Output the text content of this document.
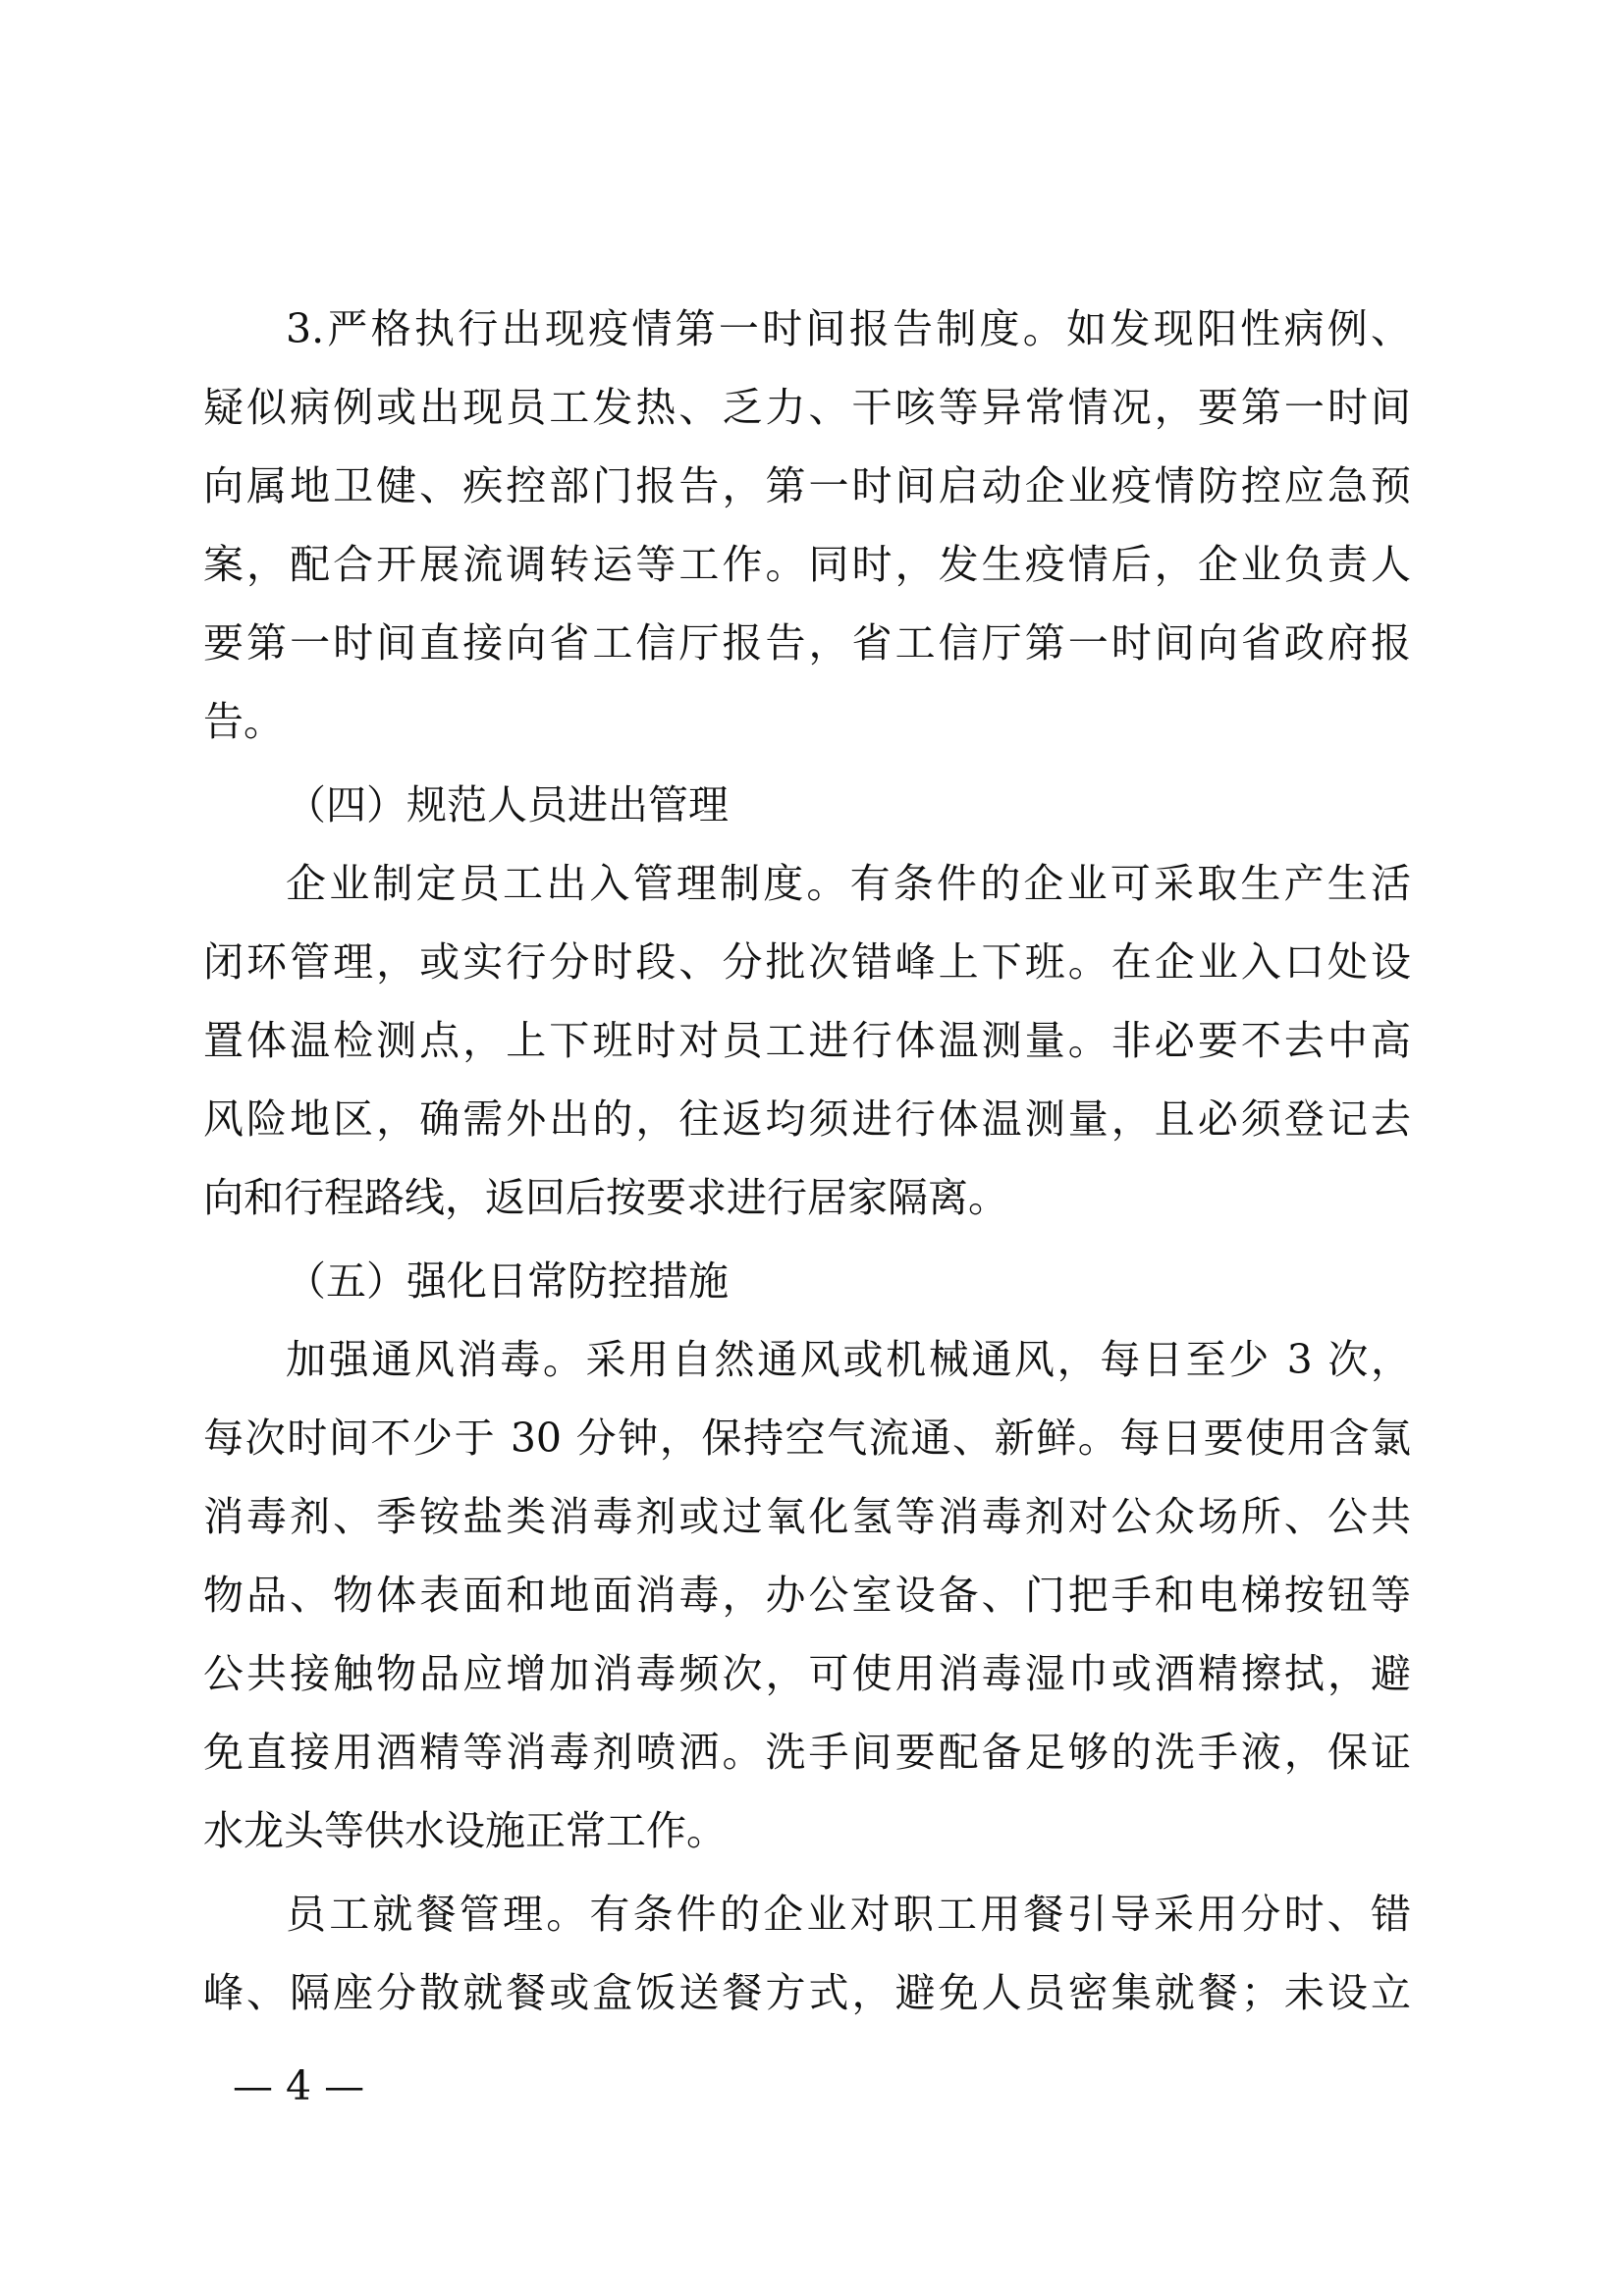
3.严格执行出现疫情第一时间报告制度。如发现阳性病例、

疑似病例或出现员工发热、乏力、干咳等异常情况，要第一时间

向属地卫健、疾控部门报告，第一时间启动企业疫情防控应急预

案，配合开展流调转运等工作。同时，发生疫情后，企业负责人

要第一时间直接向省工信厅报告，省工信厅第一时间向省政府报

告。

（四）规范人员进出管理

企业制定员工出入管理制度。有条件的企业可采取生产生活

闭环管理，或实行分时段、分批次错峰上下班。在企业入口处设

置体温检测点，上下班时对员工进行体温测量。非必要不去中高

风险地区，确需外出的，往返均须进行体温测量，且必须登记去

向和行程路线，返回后按要求进行居家隔离。

（五）强化日常防控措施

加强通风消毒。采用自然通风或机械通风，每日至少 3 次，

每次时间不少于 30 分钟，保持空气流通、新鲜。每日要使用含氯

消毒剂、季铵盐类消毒剂或过氧化氢等消毒剂对公众场所、公共

物品、物体表面和地面消毒，办公室设备、门把手和电梯按钮等

公共接触物品应增加消毒频次，可使用消毒湿巾或酒精擦拭，避

免直接用酒精等消毒剂喷洒。洗手间要配备足够的洗手液，保证

水龙头等供水设施正常工作。

员工就餐管理。有条件的企业对职工用餐引导采用分时、错

峰、隔座分散就餐或盒饭送餐方式，避免人员密集就餐；未设立

— 4 —
